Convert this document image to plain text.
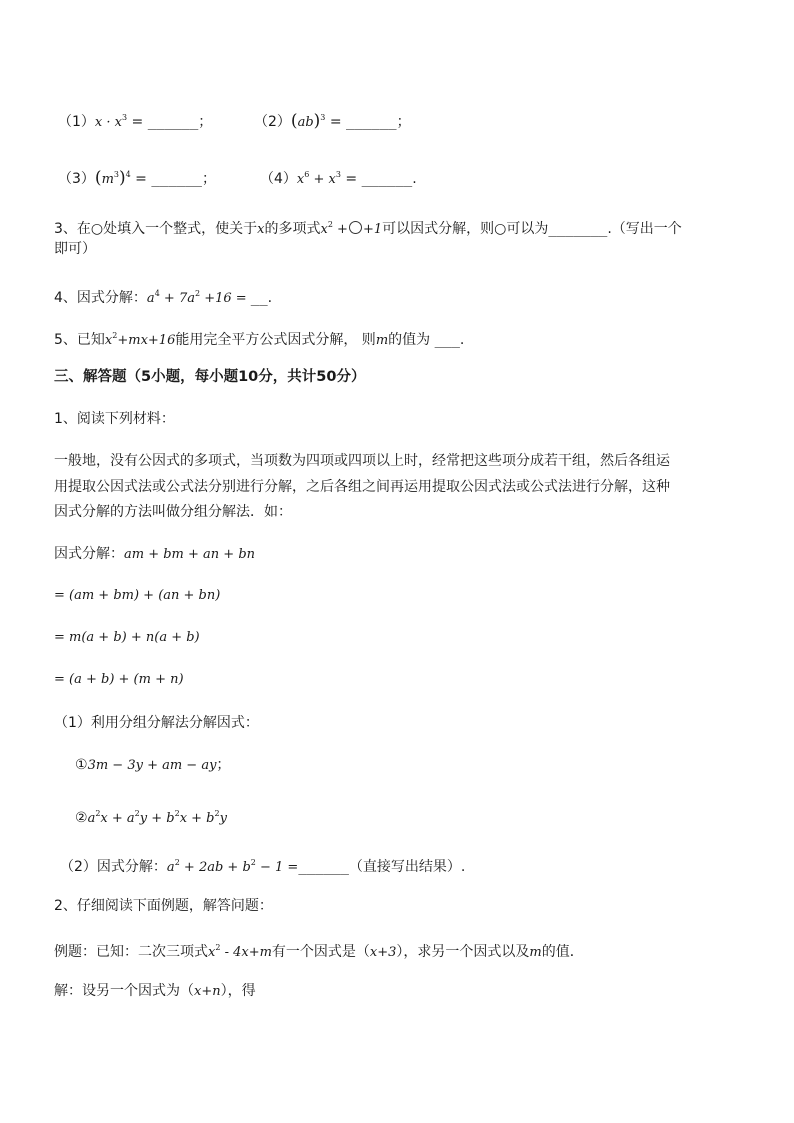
$(1)x \cdot x^3$ = ______；	（2）(ab)$^3$ = ______；
$(3)(m^3)^4$ = ______；	$(4)x^6 + x^3$ = ______.
3、在○处填入一个整式，使关于x的多项式$x^2 + +1$可以因式分解，则○可以为_______.（写出一个
即可）
4、因式分解：$a^4 + 7a^2 +16$ = __.
5、已知$x^2+mx+16$能用完全平方公式因式分解， 则m的值为 ___.
三、解答题（5小题，每小题10分，共计50分）
1、阅读下列材料：
一般地，没有公因式的多项式，当项数为四项或四项以上时，经常把这些项分成若干组，然后各组运
用提取公因式法或公式法分别进行分解，之后各组之间再运用提取公因式法或公式法进行分解，这种
因式分解的方法叫做分组分解法．如：
因式分解：am + bm + an + bn
= (am + bm) + (an + bn)
= m(a + b) + n(a + b)
= (a + b) + (m + n)
（1）利用分组分解法分解因式：
①3m − 3y + am − ay；
$②a^2x + a^2y + b^2x + b^2y$
（2）因式分解：$a^2 + 2ab + b^2 - 1$ =______（直接写出结果）.
2、仔细阅读下面例题，解答问题：
例题：已知：二次三项式$x^2 - 4x+m$有一个因式是（x+3），求另一个因式以及m的值．
解：设另一个因式为（x+n），得
